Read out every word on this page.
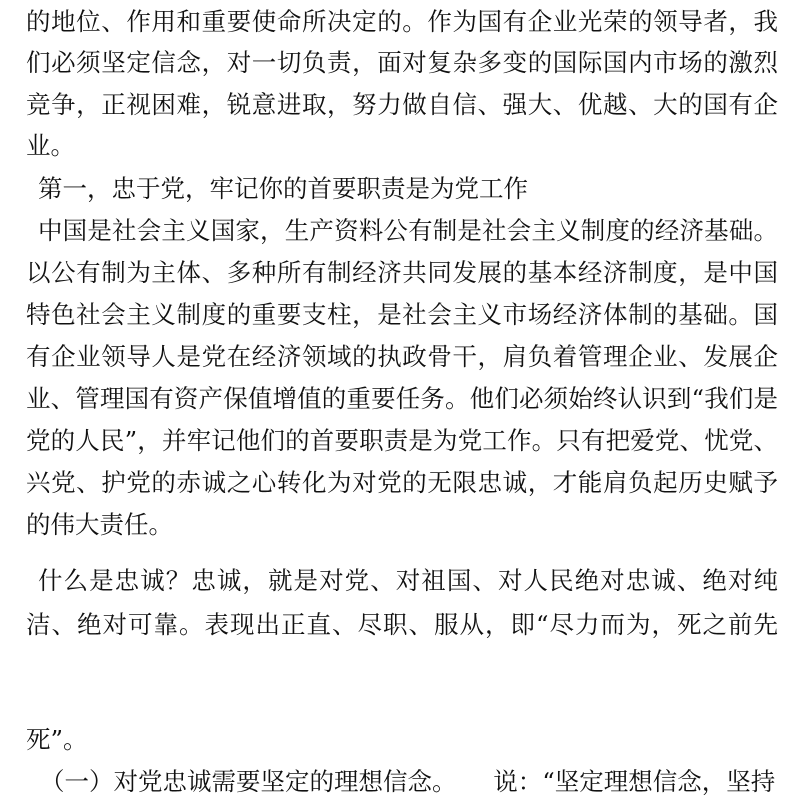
的地位、作用和重要使命所决定的。作为国有企业光荣的领导者，我
们必须坚定信念，对一切负责，面对复杂多变的国际国内市场的激烈
竞争，正视困难，锐意进取，努力做自信、强大、优越、大的国有企
业。
第一，忠于党，牢记你的首要职责是为党工作
中国是社会主义国家，生产资料公有制是社会主义制度的经济基础。
以公有制为主体、多种所有制经济共同发展的基本经济制度，是中国
特色社会主义制度的重要支柱，是社会主义市场经济体制的基础。国
有企业领导人是党在经济领域的执政骨干，肩负着管理企业、发展企
业、管理国有资产保值增值的重要任务。他们必须始终认识到“我们是
党的人民”，并牢记他们的首要职责是为党工作。只有把爱党、忧党、
兴党、护党的赤诚之心转化为对党的无限忠诚，才能肩负起历史赋予
的伟大责任。
什么是忠诚？忠诚，就是对党、对祖国、对人民绝对忠诚、绝对纯
洁、绝对可靠。表现出正直、尽职、服从，即“尽力而为，死之前先
死”。
（一）对党忠诚需要坚定的理想信念。　　说：“坚定理想信念，坚持
